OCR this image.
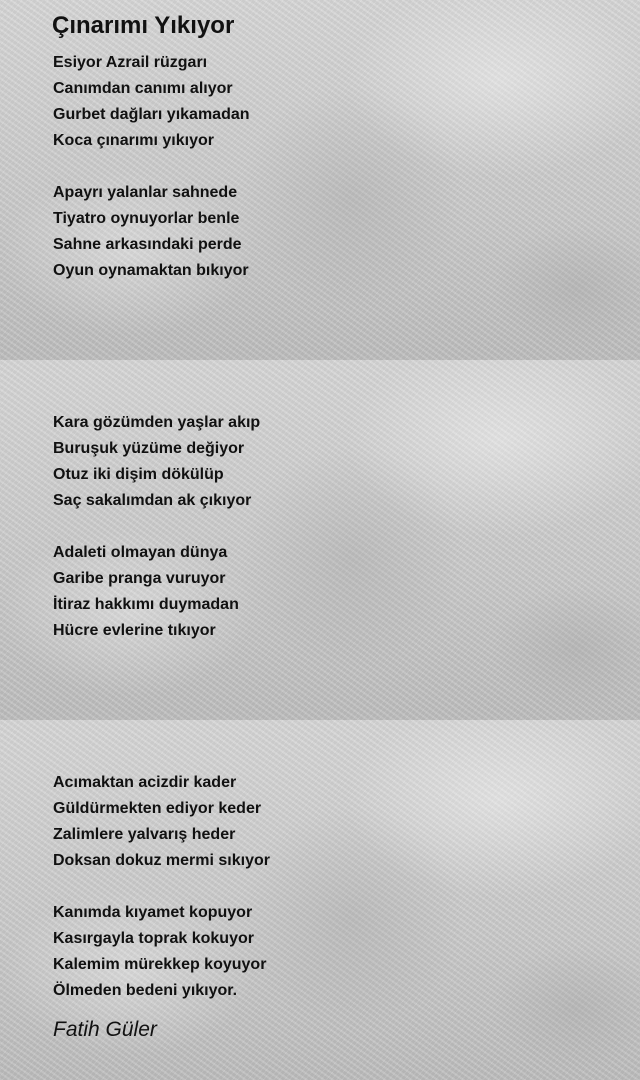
Çınarımı Yıkıyor
Esiyor Azrail rüzgarı
Canımdan canımı alıyor
Gurbet dağları yıkamadan
Koca çınarımı yıkıyor
Apayrı yalanlar sahnede
Tiyatro oynuyorlar benle
Sahne arkasındaki perde
Oyun oynamaktan bıkıyor
Kara gözümden yaşlar akıp
Buruşuk yüzüme değiyor
Otuz iki dişim dökülüp
Saç sakalımdan ak çıkıyor
Adaleti olmayan dünya
Garibe pranga vuruyor
İtiraz hakkımı duymadan
Hücre evlerine tıkıyor
Acımaktan acizdir kader
Güldürmekten ediyor keder
Zalimlere yalvarış heder
Doksan dokuz mermi sıkıyor
Kanımda kıyamet kopuyor
Kasırgayla toprak kokuyor
Kalemim mürekkep koyuyor
Ölmeden bedeni yıkıyor.

Fatih Güler
